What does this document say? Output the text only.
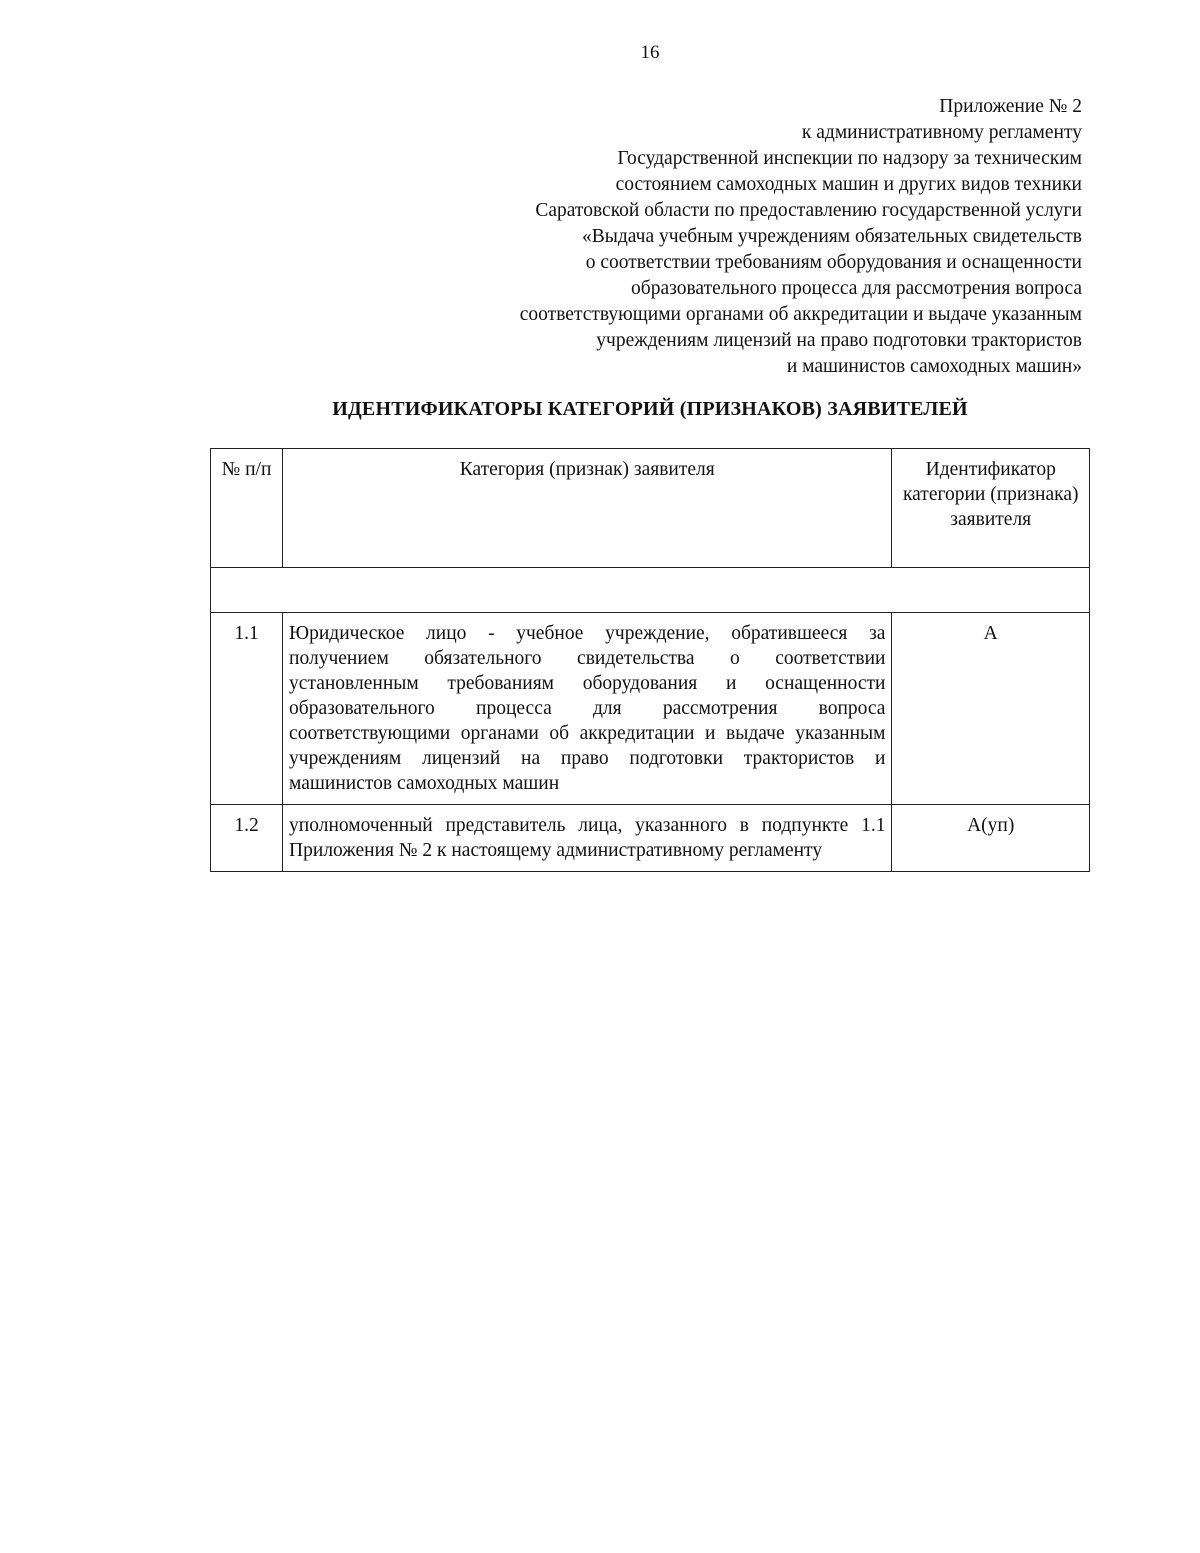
16
Приложение № 2
к административному регламенту
Государственной инспекции по надзору за техническим
состоянием самоходных машин и других видов техники
Саратовской области по предоставлению государственной услуги
«Выдача учебным учреждениям обязательных свидетельств
о соответствии требованиям оборудования и оснащенности
образовательного процесса для рассмотрения вопроса
соответствующими органами об аккредитации и выдаче указанным
учреждениям лицензий на право подготовки трактористов
и машинистов самоходных машин»
ИДЕНТИФИКАТОРЫ КАТЕГОРИЙ (ПРИЗНАКОВ) ЗАЯВИТЕЛЕЙ
№ п/п	Категория (признак) заявителя	Идентификатор категории (признака) заявителя

1.1	Юридическое лицо - учебное учреждение, обратившееся за получением обязательного свидетельства о соответствии установленным требованиям оборудования и оснащенности образовательного процесса для рассмотрения вопроса соответствующими органами об аккредитации и выдаче указанным учреждениям лицензий на право подготовки трактористов и машинистов самоходных машин	А
1.2	уполномоченный представитель лица, указанного в подпункте 1.1 Приложения № 2 к настоящему административному регламенту	А(уп)
